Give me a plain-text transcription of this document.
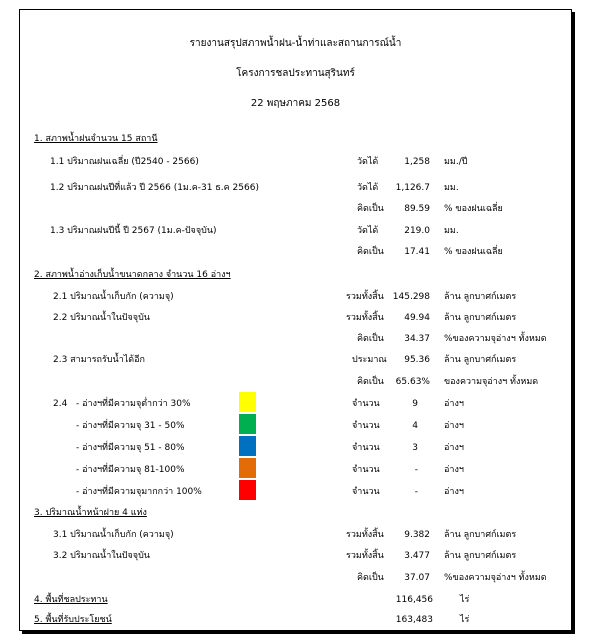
รายงานสรุปสภาพน้ำฝน-น้ำท่าและสถานการณ์น้ำ
โครงการชลประทานสุรินทร์
22 พฤษภาคม 2568
1. สภาพน้ำฝนจำนวน 15 สถานี
1.1 ปริมาณฝนเฉลี่ย (ปี2540 - 2566)	วัดได้	1,258 มม./ปี
1.2 ปริมาณฝนปีที่แล้ว ปี 2566 (1ม.ค-31 ธ.ค 2566)	วัดได้	1,126.7 มม.
คิดเป็น	89.59 % ของฝนเฉลี่ย
1.3 ปริมาณฝนปีนี้ ปี 2567 (1ม.ค-ปัจจุบัน)	วัดได้	219.0 มม.
คิดเป็น	17.41 % ของฝนเฉลี่ย
2. สภาพน้ำอ่างเก็บน้ำขนาดกลาง จำนวน 16 อ่างฯ
2.1 ปริมาณน้ำเก็บกัก (ความจุ)	รวมทั้งสิ้น 145.298 ล้าน ลูกบาศก์เมตร
2.2 ปริมาณน้ำในปัจจุบัน	รวมทั้งสิ้น	49.94 ล้าน ลูกบาศก์เมตร
คิดเป็น	34.37 %ของความจุอ่างฯ ทั้งหมด
2.3 สามารถรับน้ำได้อีก	ประมาณ	95.36 ล้าน ลูกบาศก์เมตร
คิดเป็น	65.63% ของความจุอ่างฯ ทั้งหมด
2.4 - อ่างฯที่มีความจุต่ำกว่า 30%	จำนวน	9	อ่างฯ
- อ่างฯที่มีความจุ 31 - 50%	จำนวน	4	อ่างฯ
- อ่างฯที่มีความจุ 51 - 80%	จำนวน	3	อ่างฯ
- อ่างฯที่มีความจุ 81-100%	จำนวน	-	อ่างฯ
- อ่างฯที่มีความจุมากกว่า 100%	จำนวน	-	อ่างฯ
3. ปริมาณน้ำหน้าฝาย 4 แห่ง
3.1 ปริมาณน้ำเก็บกัก (ความจุ)	รวมทั้งสิ้น	9.382 ล้าน ลูกบาศก์เมตร
3.2 ปริมาณน้ำในปัจจุบัน	รวมทั้งสิ้น	3.477 ล้าน ลูกบาศก์เมตร
คิดเป็น	37.07 %ของความจุอ่างฯ ทั้งหมด
4. พื้นที่ชลประทาน	116,456	ไร่
5. พื้นที่รับประโยชน์	163,483	ไร่
